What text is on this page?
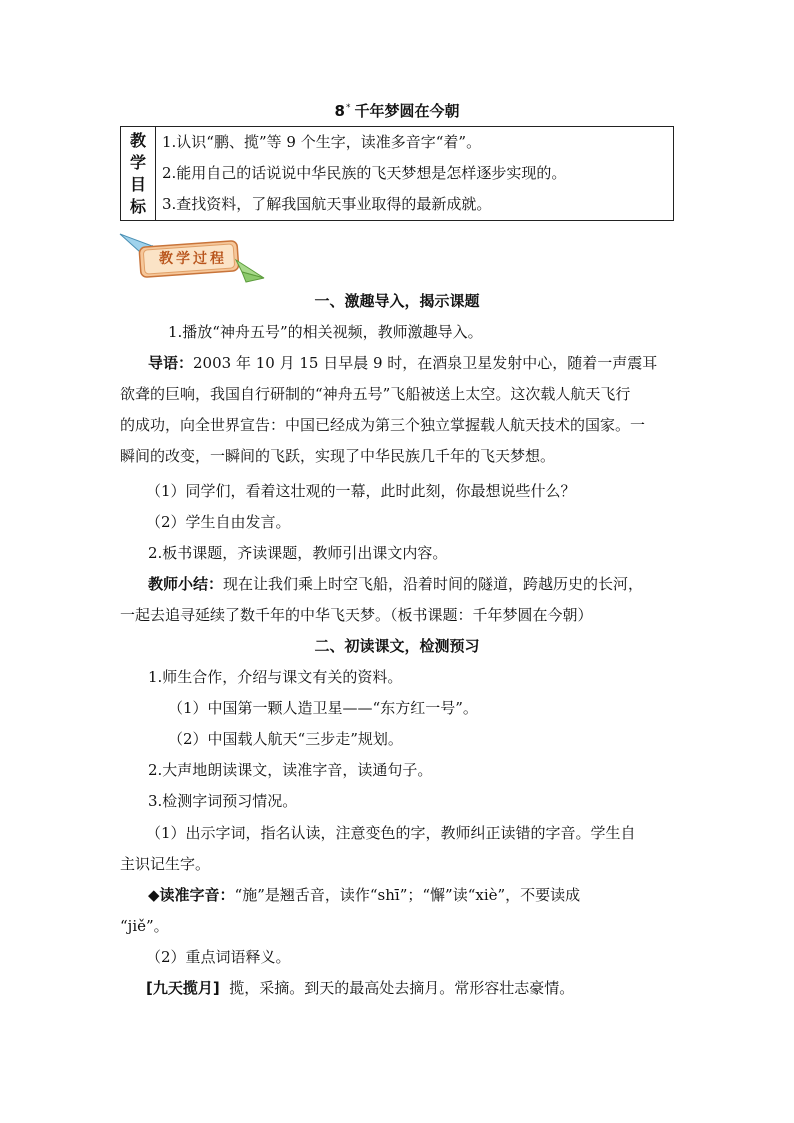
8* 千年梦圆在今朝
教
学
目
标
	1.认识“鹏、揽”等 9 个生字，读准多音字“着”。
2.能用自己的话说说中华民族的飞天梦想是怎样逐步实现的。
3.查找资料，了解我国航天事业取得的最新成就。
教学过程
一、激趣导入，揭示课题
1.播放“神舟五号”的相关视频，教师激趣导入。
导语：2003 年 10 月 15 日早晨 9 时，在酒泉卫星发射中心，随着一声震耳
欲聋的巨响，我国自行研制的“神舟五号”飞船被送上太空。这次载人航天飞行
的成功，向全世界宣告：中国已经成为第三个独立掌握载人航天技术的国家。一
瞬间的改变，一瞬间的飞跃，实现了中华民族几千年的飞天梦想。
（1）同学们，看着这壮观的一幕，此时此刻，你最想说些什么？
（2）学生自由发言。
2.板书课题，齐读课题，教师引出课文内容。
教师小结：现在让我们乘上时空飞船，沿着时间的隧道，跨越历史的长河，
一起去追寻延续了数千年的中华飞天梦。（板书课题：千年梦圆在今朝）
二、初读课文，检测预习
1.师生合作，介绍与课文有关的资料。
（1）中国第一颗人造卫星——“东方红一号”。
（2）中国载人航天“三步走”规划。
2.大声地朗读课文，读准字音，读通句子。
3.检测字词预习情况。
（1）出示字词，指名认读，注意变色的字，教师纠正读错的字音。学生自
主识记生字。
◆读准字音：“施”是翘舌音，读作“shī”；“懈”读“xiè”，不要读成
“jiě”。
（2）重点词语释义。
[九天揽月] 揽，采摘。到天的最高处去摘月。常形容壮志豪情。
